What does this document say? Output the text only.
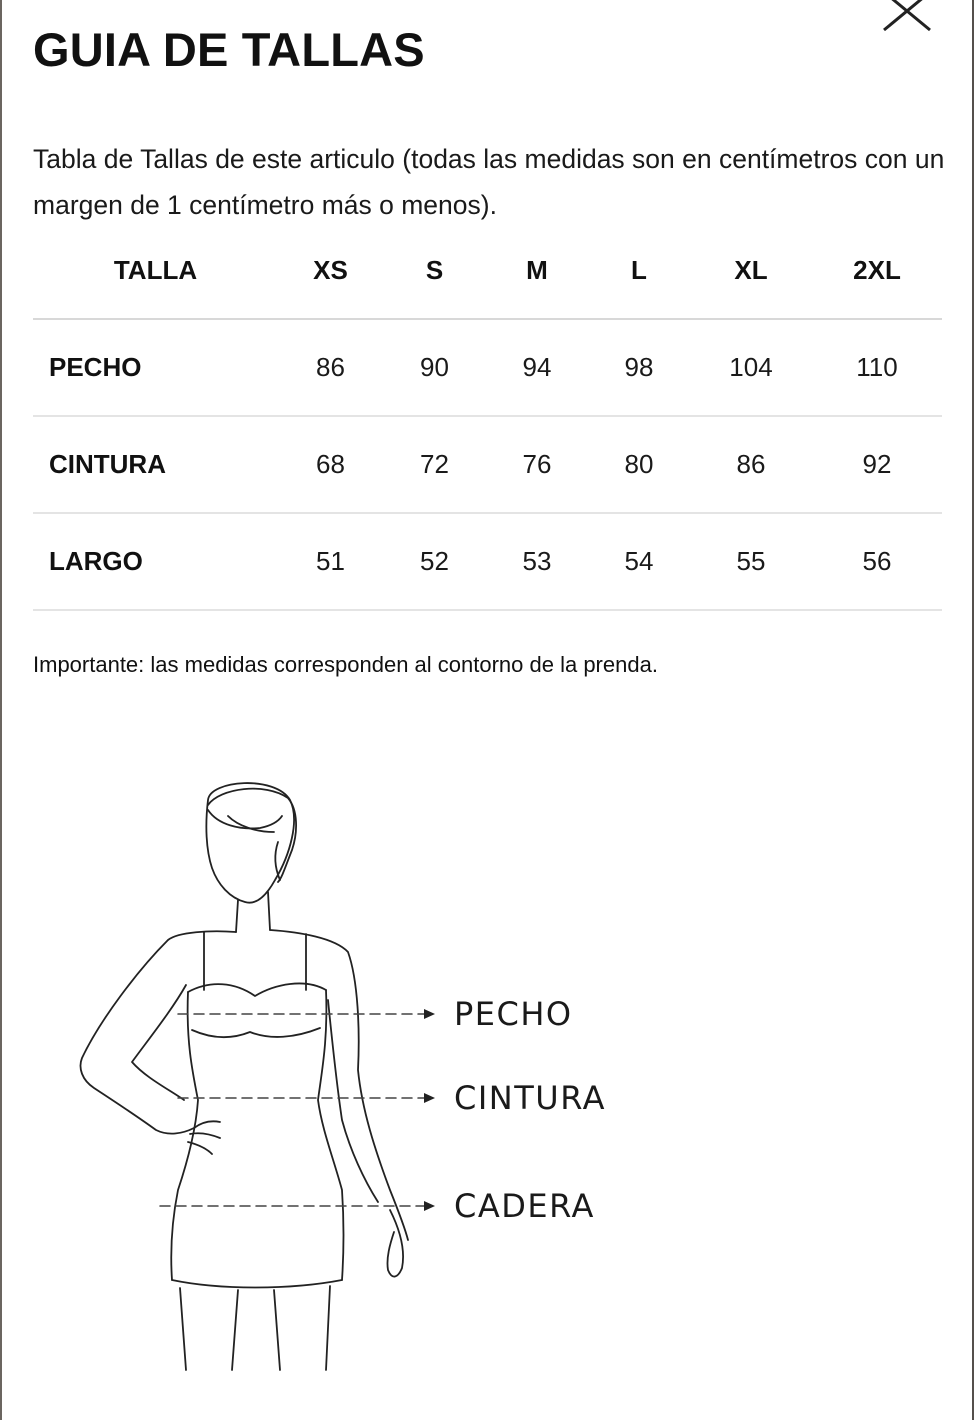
GUIA DE TALLAS

Tabla de Tallas de este articulo (todas las medidas son en centímetros con un margen de 1 centímetro más o menos).

TALLA	XS	S	M	L	XL	2XL
PECHO	86	90	94	98	104	110
CINTURA	68	72	76	80	86	92
LARGO	51	52	53	54	55	56

Importante: las medidas corresponden al contorno de la prenda.

PECHO
CINTURA
CADERA
